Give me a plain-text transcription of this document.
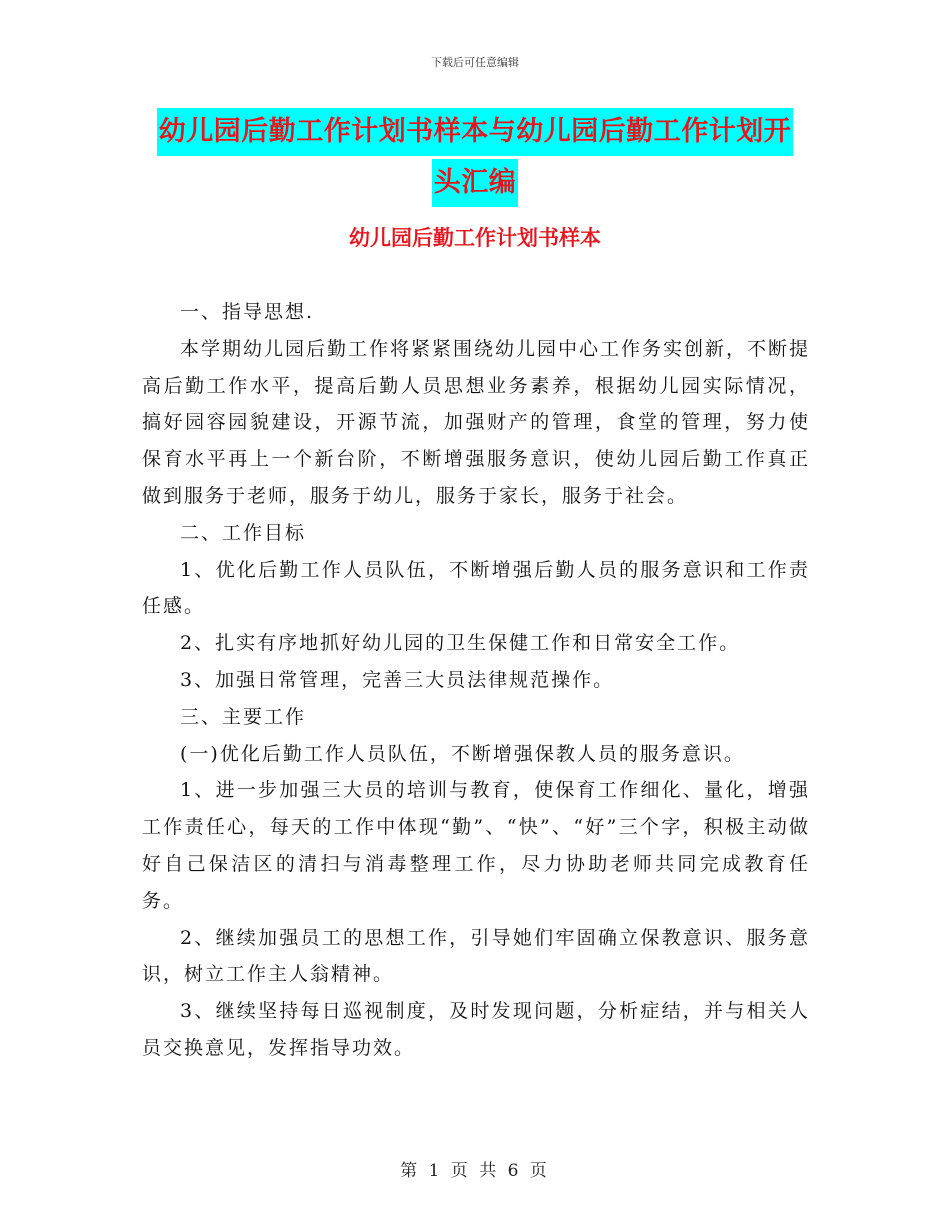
下载后可任意编辑
幼儿园后勤工作计划书样本与幼儿园后勤工作计划开
头汇编
幼儿园后勤工作计划书样本

一、指导思想.

本学期幼儿园后勤工作将紧紧围绕幼儿园中心工作务实创新，不断提高后勤工作水平，提高后勤人员思想业务素养，根据幼儿园实际情况，搞好园容园貌建设，开源节流，加强财产的管理，食堂的管理，努力使保育水平再上一个新台阶，不断增强服务意识，使幼儿园后勤工作真正做到服务于老师，服务于幼儿，服务于家长，服务于社会。

二、工作目标

1、优化后勤工作人员队伍，不断增强后勤人员的服务意识和工作责任感。

2、扎实有序地抓好幼儿园的卫生保健工作和日常安全工作。

3、加强日常管理，完善三大员法律规范操作。

三、主要工作

(一)优化后勤工作人员队伍，不断增强保教人员的服务意识。

1、进一步加强三大员的培训与教育，使保育工作细化、量化，增强工作责任心，每天的工作中体现“勤”、“快”、“好”三个字，积极主动做好自己保洁区的清扫与消毒整理工作，尽力协助老师共同完成教育任务。

2、继续加强员工的思想工作，引导她们牢固确立保教意识、服务意识，树立工作主人翁精神。

3、继续坚持每日巡视制度，及时发现问题，分析症结，并与相关人员交换意见，发挥指导功效。

第 1 页 共 6 页
